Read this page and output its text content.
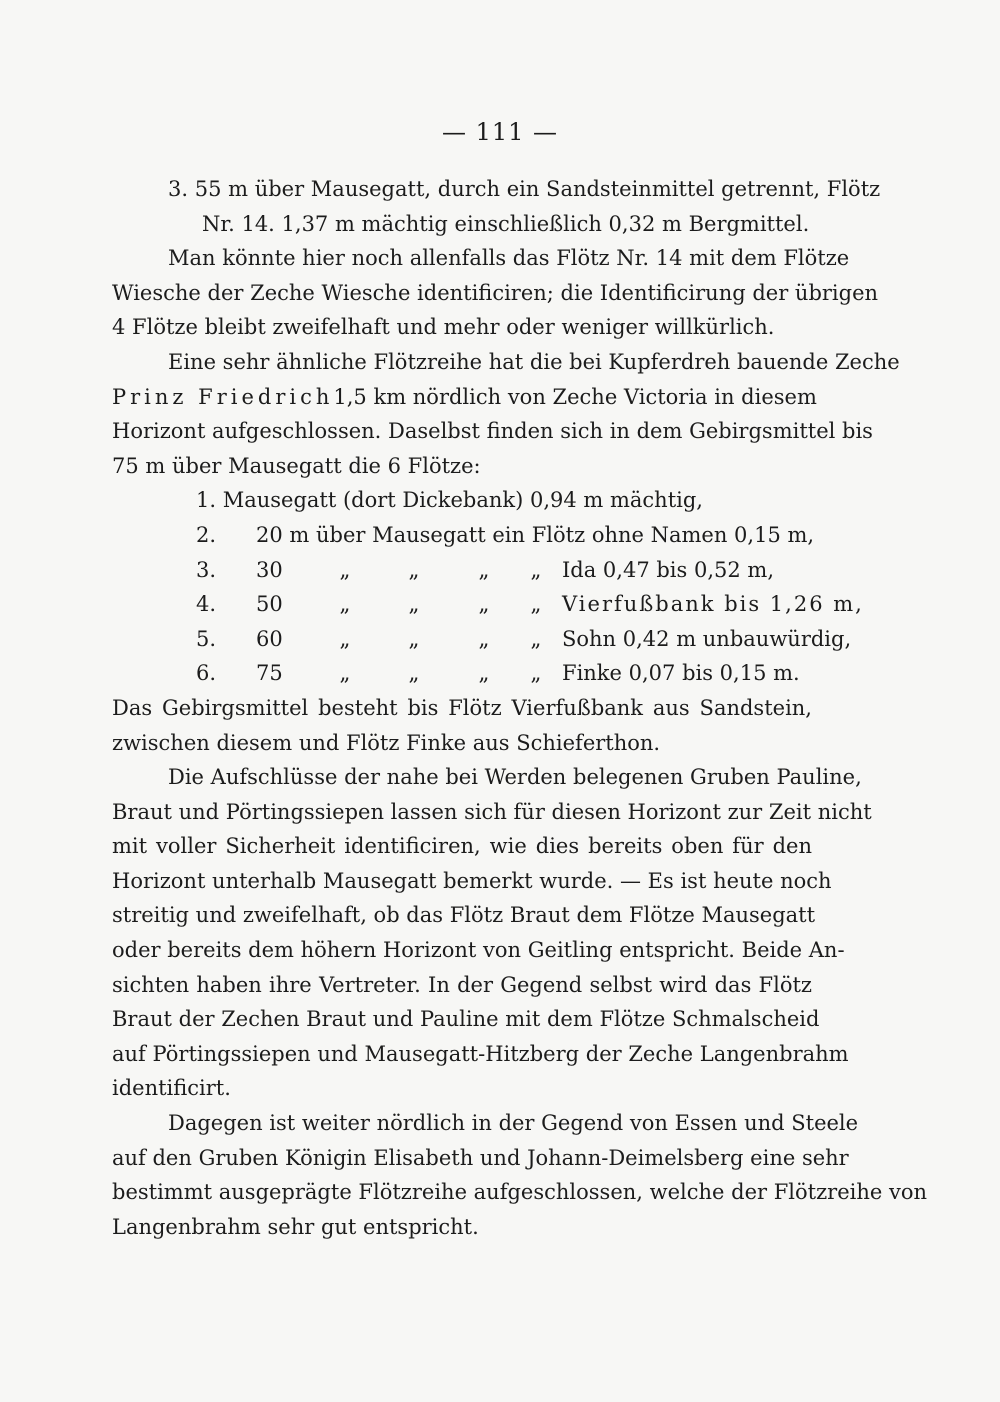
— 111 —
3. 55 m über Mausegatt, durch ein Sandsteinmittel getrennt, Flötz
Nr. 14. 1,37 m mächtig einschließlich 0,32 m Bergmittel.
Man könnte hier noch allenfalls das Flötz Nr. 14 mit dem Flötze
Wiesche der Zeche Wiesche identificiren; die Identificirung der übrigen
4 Flötze bleibt zweifelhaft und mehr oder weniger willkürlich.
Eine sehr ähnliche Flötzreihe hat die bei Kupferdreh bauende Zeche
Prinz Friedrich 1,5 km nördlich von Zeche Victoria in diesem
Horizont aufgeschlossen. Daselbst finden sich in dem Gebirgsmittel bis
75 m über Mausegatt die 6 Flötze:
1. Mausegatt (dort Dickebank) 0,94 m mächtig,
2.	20 m über Mausegatt ein Flötz ohne Namen 0,15 m,
3.	30	„	„	„	„ Ida 0,47 bis 0,52 m,
4.	50	„	„	„	„ Vierfußbank bis 1,26 m,
5.	60	„	„	„	„ Sohn 0,42 m unbauwürdig,
6.	75	„	„	„	„ Finke 0,07 bis 0,15 m.
Das Gebirgsmittel besteht bis Flötz Vierfußbank aus Sandstein,
zwischen diesem und Flötz Finke aus Schieferthon.
Die Aufschlüsse der nahe bei Werden belegenen Gruben Pauline,
Braut und Pörtingssiepen lassen sich für diesen Horizont zur Zeit nicht
mit voller Sicherheit identificiren, wie dies bereits oben für den
Horizont unterhalb Mausegatt bemerkt wurde. — Es ist heute noch
streitig und zweifelhaft, ob das Flötz Braut dem Flötze Mausegatt
oder bereits dem höhern Horizont von Geitling entspricht. Beide An-
sichten haben ihre Vertreter. In der Gegend selbst wird das Flötz
Braut der Zechen Braut und Pauline mit dem Flötze Schmalscheid
auf Pörtingssiepen und Mausegatt-Hitzberg der Zeche Langenbrahm
identificirt.
Dagegen ist weiter nördlich in der Gegend von Essen und Steele
auf den Gruben Königin Elisabeth und Johann-Deimelsberg eine sehr
bestimmt ausgeprägte Flötzreihe aufgeschlossen, welche der Flötzreihe von
Langenbrahm sehr gut entspricht.
